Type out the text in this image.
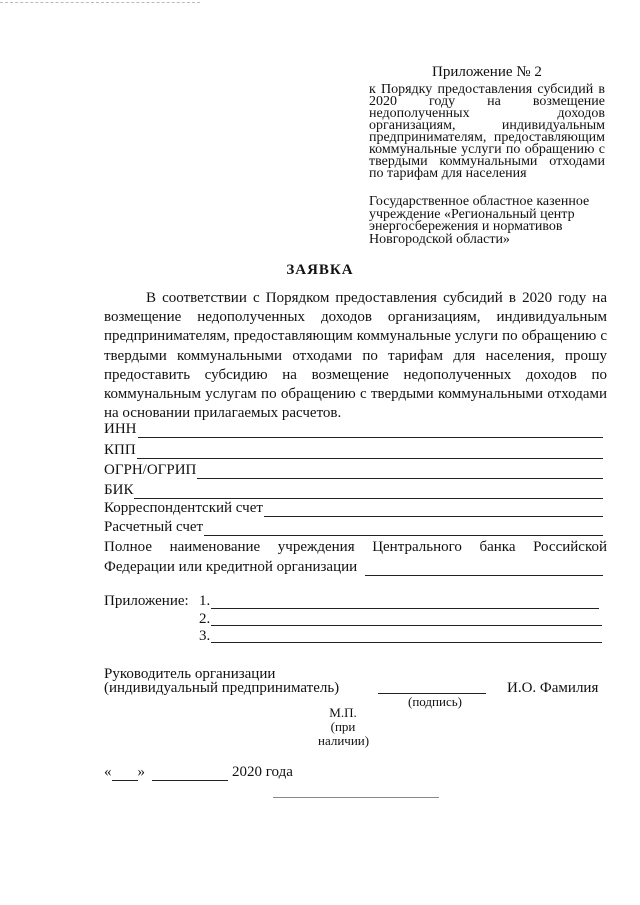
Приложение № 2
к Порядку предоставления субсидий в 2020 году на возмещение недополученных доходов организациям, индивидуальным предпринимателям, предоставляющим коммунальные услуги по обращению с твердыми коммунальными отходами по тарифам для населения
Государственное областное казенное
учреждение «Региональный центр
энергосбережения и нормативов
Новгородской области»
ЗАЯВКА
В соответствии с Порядком предоставления субсидий в 2020 году на возмещение недополученных доходов организациям, индивидуальным предпринимателям, предоставляющим коммунальные услуги по обращению с твердыми коммунальными отходами по тарифам для населения, прошу предоставить субсидию на возмещение недополученных доходов по коммунальным услугам по обращению с твердыми коммунальными отходами на основании прилагаемых расчетов.
ИНН
КПП
ОГРН/ОГРИП
БИК
Корреспондентский счет
Расчетный счет
Полное наименование учреждения Центрального банка Российской
Федерации или кредитной организации
Приложение: 1.
2.
3.
Руководитель организации
(индивидуальный предприниматель)
(подпись)
И.О. Фамилия
М.П. (при наличии)
« »	2020 года
